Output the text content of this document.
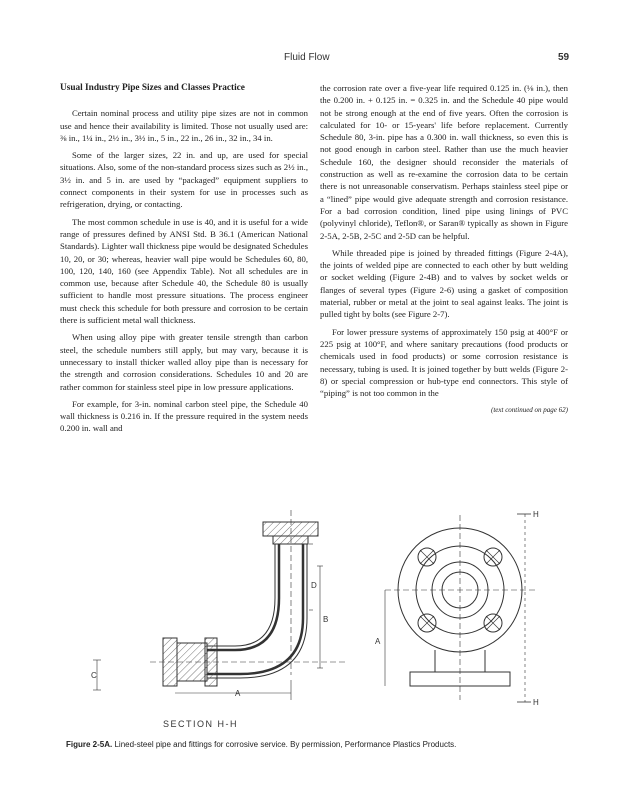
Fluid Flow	59
Usual Industry Pipe Sizes and Classes Practice

Certain nominal process and utility pipe sizes are not in common use and hence their availability is limited. Those not usually used are: ⅜ in., 1¼ in., 2½ in., 3½ in., 5 in., 22 in., 26 in., 32 in., 34 in.

Some of the larger sizes, 22 in. and up, are used for special situations. Also, some of the non-standard process sizes such as 2½ in., 3½ in. and 5 in. are used by “packaged” equipment suppliers to connect components in their system for use in processes such as refrigeration, drying, or contacting.

The most common schedule in use is 40, and it is useful for a wide range of pressures defined by ANSI Std. B 36.1 (American National Standards). Lighter wall thickness pipe would be designated Schedules 10, 20, or 30; whereas, heavier wall pipe would be Schedules 60, 80, 100, 120, 140, 160 (see Appendix Table). Not all schedules are in common use, because after Schedule 40, the Schedule 80 is usually sufficient to handle most pressure situations. The process engineer must check this schedule for both pressure and corrosion to be certain there is sufficient metal wall thickness.

When using alloy pipe with greater tensile strength than carbon steel, the schedule numbers still apply, but may vary, because it is unnecessary to install thicker walled alloy pipe than is necessary for the strength and corrosion considerations. Schedules 10 and 20 are rather common for stainless steel pipe in low pressure applications.

For example, for 3-in. nominal carbon steel pipe, the Schedule 40 wall thickness is 0.216 in. If the pressure required in the system needs 0.200 in. wall and

the corrosion rate over a five-year life required 0.125 in. (⅛ in.), then the 0.200 in. + 0.125 in. = 0.325 in. and the Schedule 40 pipe would not be strong enough at the end of five years. Often the corrosion is calculated for 10- or 15-years' life before replacement. Currently Schedule 80, 3-in. pipe has a 0.300 in. wall thickness, so even this is not good enough in carbon steel. Rather than use the much heavier Schedule 160, the designer should reconsider the materials of construction as well as re-examine the corrosion data to be certain there is not unreasonable conservatism. Perhaps stainless steel pipe or a “lined” pipe would give adequate strength and corrosion resistance. For a bad corrosion condition, lined pipe using linings of PVC (polyvinyl chloride), Teflon®, or Saran® typically as shown in Figure 2-5A, 2-5B, 2-5C and 2-5D can be helpful.

While threaded pipe is joined by threaded fittings (Figure 2-4A), the joints of welded pipe are connected to each other by butt welding or socket welding (Figure 2-4B) and to valves by socket welds or flanges of several types (Figure 2-6) using a gasket of composition material, rubber or metal at the joint to seal against leaks. The joint is pulled tight by bolts (see Figure 2-7).

For lower pressure systems of approximately 150 psig at 400°F or 225 psig at 100°F, and where sanitary precautions (food products or chemicals used in food products) or some corrosion resistance is necessary, tubing is used. It is joined together by butt welds (Figure 2-8) or special compression or hub-type end connectors. This style of “piping” is not too common in the

(text continued on page 62)
H
H
A
A
B
C
D
SECTION H-H
Figure 2-5A. Lined-steel pipe and fittings for corrosive service. By permission, Performance Plastics Products.
